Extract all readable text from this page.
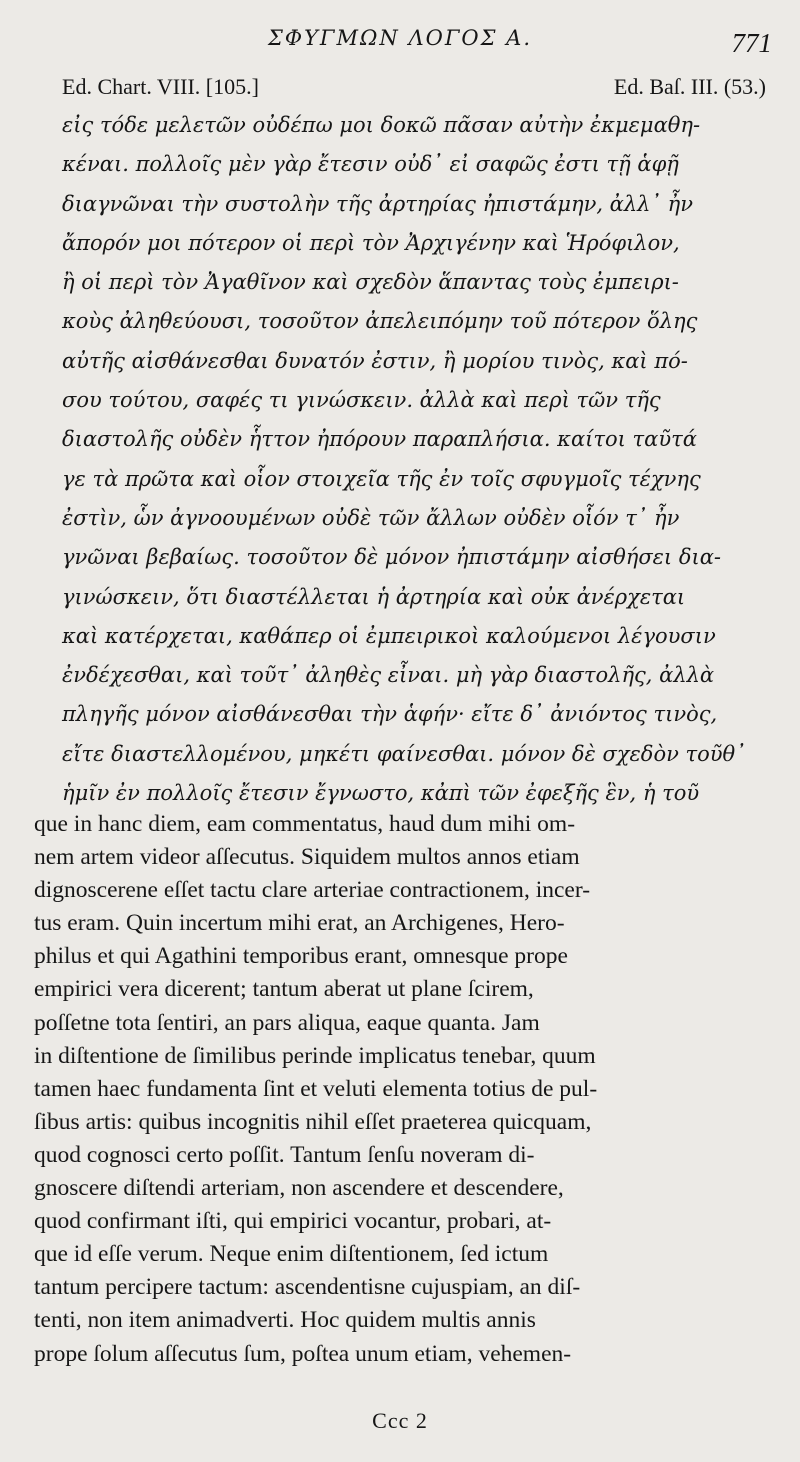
ΣΦΥΓΜΩΝ ΛΟΓΟΣ Α.	771
Ed. Chart. VIII. [105.]	Ed. Baſ. III. (53.)
εἰς τόδε μελετῶν οὐδέπω μοι δοκῶ πᾶσαν αὐτὴν ἐκμεμαθη-
κέναι. πολλοῖς μὲν γὰρ ἔτεσιν οὐδ᾽ εἰ σαφῶς ἐστι τῇ ἁφῇ
διαγνῶναι τὴν συστολὴν τῆς ἀρτηρίας ἠπιστάμην, ἀλλ᾽ ἦν
ἄπορόν μοι πότερον οἱ περὶ τὸν Ἀρχιγένην καὶ Ἡρόφιλον,
ἢ οἱ περὶ τὸν Ἀγαθῖνον καὶ σχεδὸν ἅπαντας τοὺς ἐμπειρι-
κοὺς ἀληθεύουσι, τοσοῦτον ἀπελειπόμην τοῦ πότερον ὅλης
αὐτῆς αἰσθάνεσθαι δυνατόν ἐστιν, ἢ μορίου τινὸς, καὶ πό-
σου τούτου, σαφές τι γινώσκειν. ἀλλὰ καὶ περὶ τῶν τῆς
διαστολῆς οὐδὲν ἧττον ἠπόρουν παραπλήσια. καίτοι ταῦτά
γε τὰ πρῶτα καὶ οἷον στοιχεῖα τῆς ἐν τοῖς σφυγμοῖς τέχνης
ἐστὶν, ὧν ἀγνοουμένων οὐδὲ τῶν ἄλλων οὐδὲν οἷόν τ᾽ ἦν
γνῶναι βεβαίως. τοσοῦτον δὲ μόνον ἠπιστάμην αἰσθήσει δια-
γινώσκειν, ὅτι διαστέλλεται ἡ ἀρτηρία καὶ οὐκ ἀνέρχεται
καὶ κατέρχεται, καθάπερ οἱ ἐμπειρικοὶ καλούμενοι λέγουσιν
ἐνδέχεσθαι, καὶ τοῦτ᾽ ἀληθὲς εἶναι. μὴ γὰρ διαστολῆς, ἀλλὰ
πληγῆς μόνον αἰσθάνεσθαι τὴν ἁφήν· εἴτε δ᾽ ἀνιόντος τινὸς,
εἴτε διαστελλομένου, μηκέτι φαίνεσθαι. μόνον δὲ σχεδὸν τοῦθ᾽
ἡμῖν ἐν πολλοῖς ἔτεσιν ἔγνωστο, κἀπὶ τῶν ἐφεξῆς ἓν, ἡ τοῦ
que in hanc diem, eam commentatus, haud dum mihi om-
nem artem videor aſſecutus. Siquidem multos annos etiam
dignoscerene eſſet tactu clare arteriae contractionem, incer-
tus eram. Quin incertum mihi erat, an Archigenes, Hero-
philus et qui Agathini temporibus erant, omnesque prope
empirici vera dicerent; tantum aberat ut plane ſcirem,
poſſetne tota ſentiri, an pars aliqua, eaque quanta. Jam
in diſtentione de ſimilibus perinde implicatus tenebar, quum
tamen haec fundamenta ſint et veluti elementa totius de pul-
ſibus artis: quibus incognitis nihil eſſet praeterea quicquam,
quod cognosci certo poſſit. Tantum ſenſu noveram di-
gnoscere diſtendi arteriam, non ascendere et descendere,
quod confirmant iſti, qui empirici vocantur, probari, at-
que id eſſe verum. Neque enim diſtentionem, ſed ictum
tantum percipere tactum: ascendentisne cujuspiam, an diſ-
tenti, non item animadverti. Hoc quidem multis annis
prope ſolum aſſecutus ſum, poſtea unum etiam, vehemen-
Ccc 2
